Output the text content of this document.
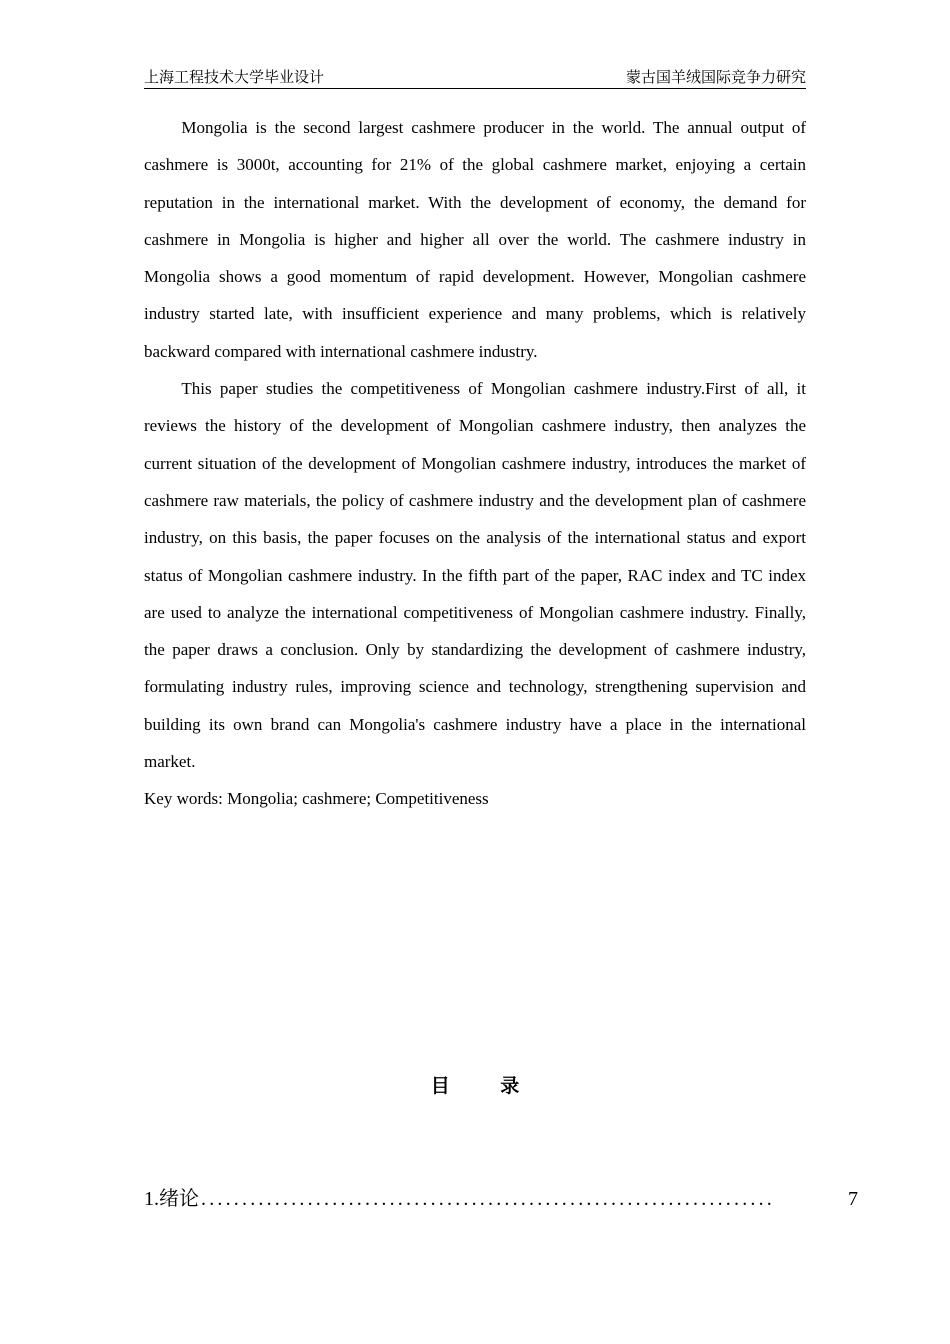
上海工程技术大学毕业设计	蒙古国羊绒国际竞争力研究

Mongolia is the second largest cashmere producer in the world. The annual output of cashmere is 3000t, accounting for 21% of the global cashmere market, enjoying a certain reputation in the international market. With the development of economy, the demand for cashmere in Mongolia is higher and higher all over the world. The cashmere industry in Mongolia shows a good momentum of rapid development. However, Mongolian cashmere industry started late, with insufficient experience and many problems, which is relatively backward compared with international cashmere industry.

This paper studies the competitiveness of Mongolian cashmere industry.First of all, it reviews the history of the development of Mongolian cashmere industry, then analyzes the current situation of the development of Mongolian cashmere industry, introduces the market of cashmere raw materials, the policy of cashmere industry and the development plan of cashmere industry, on this basis, the paper focuses on the analysis of the international status and export status of Mongolian cashmere industry. In the fifth part of the paper, RAC index and TC index are used to analyze the international competitiveness of Mongolian cashmere industry. Finally, the paper draws a conclusion. Only by standardizing the development of cashmere industry, formulating industry rules, improving science and technology, strengthening supervision and building its own brand can Mongolia's cashmere industry have a place in the international market.

Key words: Mongolia; cashmere; Competitiveness

目 录
1. 绪论 ......................................................................	7
